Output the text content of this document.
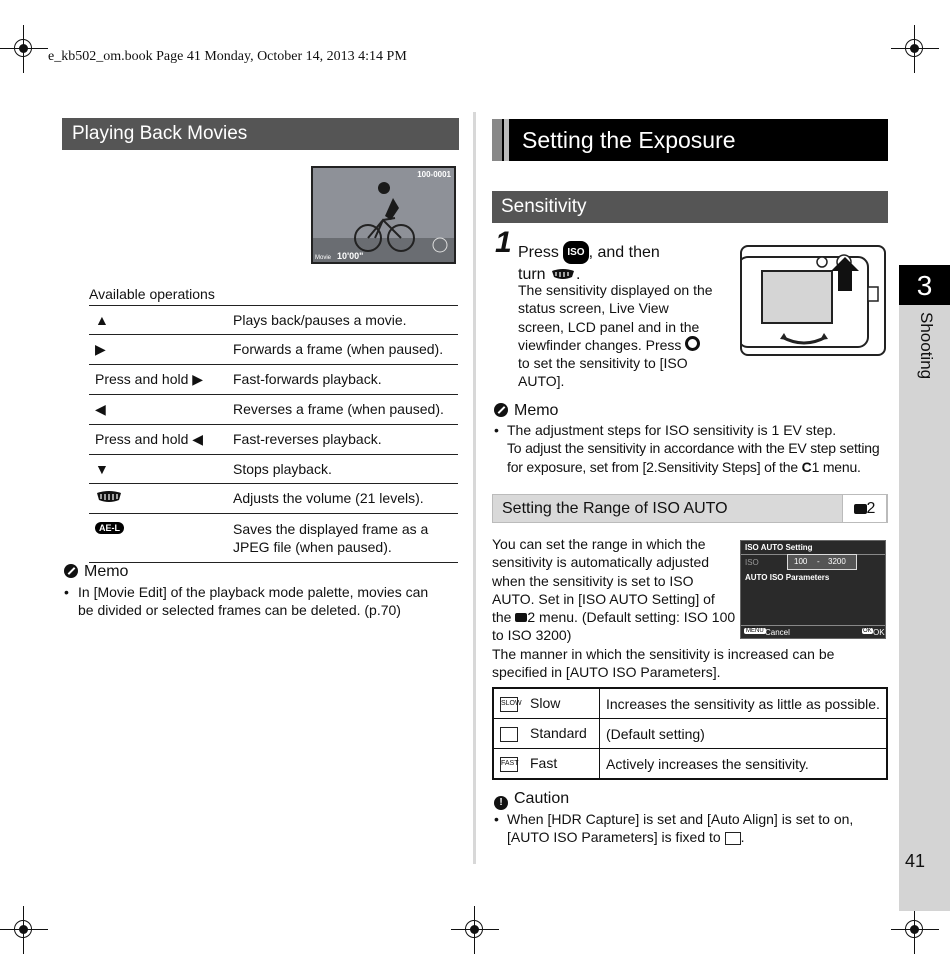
e_kb502_om.book Page 41 Monday, October 14, 2013 4:14 PM
Playing Back Movies
100-0001
Movie 10'00"
Available operations
▲	Plays back/pauses a movie.
▶	Forwards a frame (when paused).
Press and hold ▶	Fast-forwards playback.
◀	Reverses a frame (when paused).
Press and hold ◀	Fast-reverses playback.
▼	Stops playback.
	Adjusts the volume (21 levels).
AE-L	Saves the displayed frame as a JPEG file (when paused).
Memo
• In [Movie Edit] of the playback mode palette, movies can be divided or selected frames can be deleted. (p.70)
Setting the Exposure
Sensitivity
1 Press ISO , and then
turn .
The sensitivity displayed on the status screen, Live View screen, LCD panel and in the viewfinder changes. Press  to set the sensitivity to [ISO AUTO].
Memo
• The adjustment steps for ISO sensitivity is 1 EV step.
To adjust the sensitivity in accordance with the EV step setting for exposure, set from [2.Sensitivity Steps] of the C1 menu.
Setting the Range of ISO AUTO	2
You can set the range in which the sensitivity is automatically adjusted when the sensitivity is set to ISO AUTO. Set in [ISO AUTO Setting] of the 2 menu. (Default setting: ISO 100 to ISO 3200)
The manner in which the sensitivity is increased can be specified in [AUTO ISO Parameters].
ISO AUTO Setting
ISO	100 - 3200
AUTO ISO Parameters
MENU Cancel	OK OK
SLOW Slow	Increases the sensitivity as little as possible.
Standard	(Default setting)
FAST Fast	Actively increases the sensitivity.
! Caution
• When [HDR Capture] is set and [Auto Align] is set to on, [AUTO ISO Parameters] is fixed to .
3
Shooting
41
